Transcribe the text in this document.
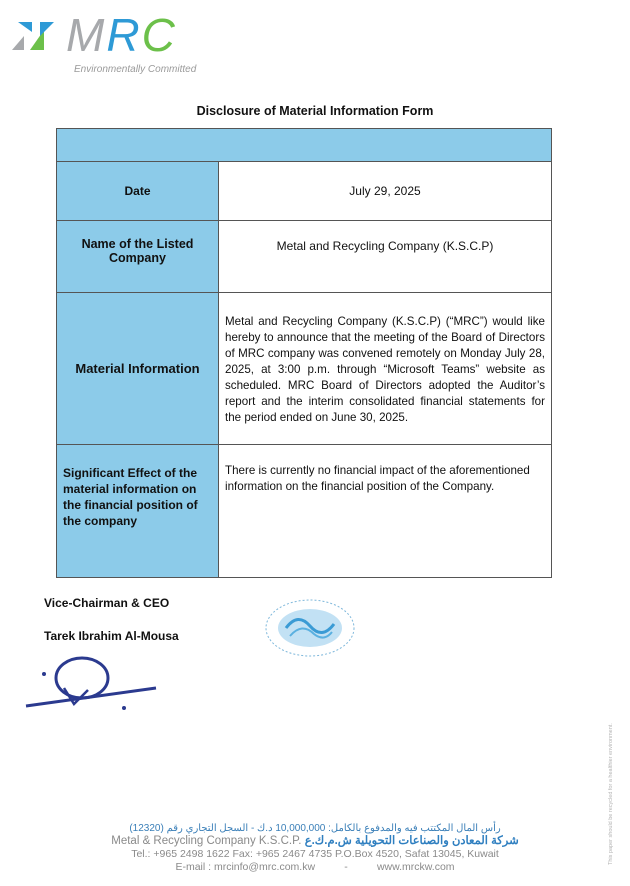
MRC
Environmentally Committed
Disclosure of Material Information Form

Date	July 29, 2025
Name of the Listed Company	Metal and Recycling Company (K.S.C.P)
Material Information	Metal and Recycling Company (K.S.C.P) (“MRC”) would like hereby to announce that the meeting of the Board of Directors of MRC company was convened remotely on Monday July 28, 2025, at 3:00 p.m. through “Microsoft Teams” website as scheduled. MRC Board of Directors adopted the Auditor’s report and the interim consolidated financial statements for the period ended on June 30, 2025.
Significant Effect of the material information on the financial position of the company	There is currently no financial impact of the aforementioned information on the financial position of the Company.
Vice-Chairman & CEO
Tarek Ibrahim Al-Mousa
رأس المال المكتتب فيه والمدفوع بالكامل: 10,000,000 د.ك - السجل التجاري رقم (12320)
Metal & Recycling Company K.S.C.P. شركة المعادن والصناعات التحويلية ش.م.ك.ع
Tel.: +965 2498 1622 Fax: +965 2467 4735 P.O.Box 4520, Safat 13045, Kuwait
E-mail : mrcinfo@mrc.com.kw	-	www.mrckw.com
This paper should be recycled for a healthier environment.
